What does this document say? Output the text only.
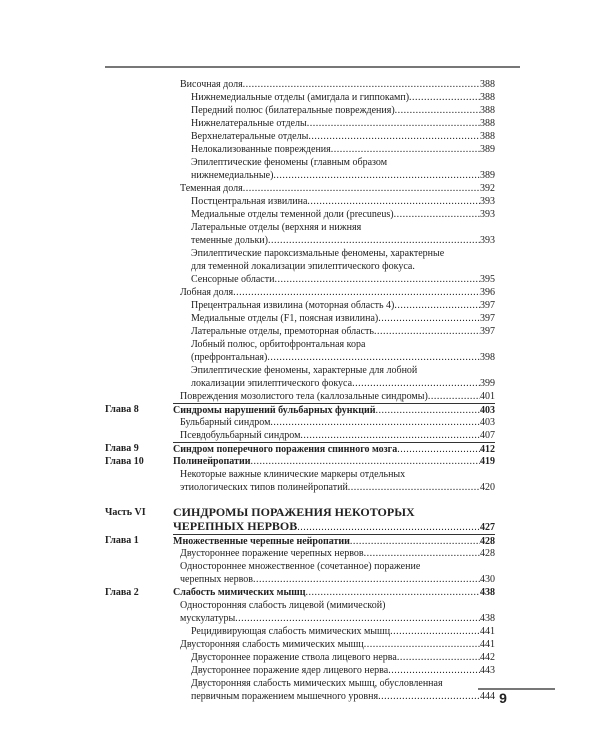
Височная доля . . .	388
Нижнемедиальные отделы (амигдала и гиппокамп) . . .	388
Передний полюс (билатеральные повреждения) . . .	388
Нижнелатеральные отделы . . .	388
Верхнелатеральные отделы . . .	388
Нелокализованные повреждения . . .	389
Эпилептические феномены (главным образом
нижнемедиальные) . . .	389
Теменная доля . . .	392
Постцентральная извилина . . .	393
Медиальные отделы теменной доли (precuneus) . . .	393
Латеральные отделы (верхняя и нижняя
теменные дольки) . . .	393
Эпилептические пароксизмальные феномены, характерные
для теменной локализации эпилептического фокуса.
Сенсорные области . . .	395
Лобная доля . . .	396
Прецентральная извилина (моторная область 4) . . .	397
Медиальные отделы (F1, поясная извилина) . . .	397
Латеральные отделы, премоторная область . . .	397
Лобный полюс, орбитофронтальная кора
(префронтальная) . . .	398
Эпилептические феномены, характерные для лобной
локализации эпилептического фокуса . . .	399
Повреждения мозолистого тела (каллозальные синдромы) . . .	401
Глава 8	Синдромы нарушений бульбарных функций . . .	403
Бульбарный синдром . . .	403
Псевдобульбарный синдром . . .	407
Глава 9	Синдром поперечного поражения спинного мозга . . .	412
Глава 10	Полинейропатии . . .	419
Некоторые важные клинические маркеры отдельных
этиологических типов полинейропатий . . .	420
Часть VI СИНДРОМЫ ПОРАЖЕНИЯ НЕКОТОРЫХ
ЧЕРЕПНЫХ НЕРВОВ . . .	427
Глава 1	Множественные черепные нейропатии . . .	428
Двустороннее поражение черепных нервов . . .	428
Одностороннее множественное (сочетанное) поражение
черепных нервов . . .	430
Глава 2	Слабость мимических мышц . . .	438
Односторонняя слабость лицевой (мимической)
мускулатуры . . .	438
Рецидивирующая слабость мимических мышц . . .	441
Двусторонняя слабость мимических мышц . . .	441
Двустороннее поражение ствола лицевого нерва . . .	442
Двустороннее поражение ядер лицевого нерва . . .	443
Двусторонняя слабость мимических мышц, обусловленная
первичным поражением мышечного уровня . . .	444 9
